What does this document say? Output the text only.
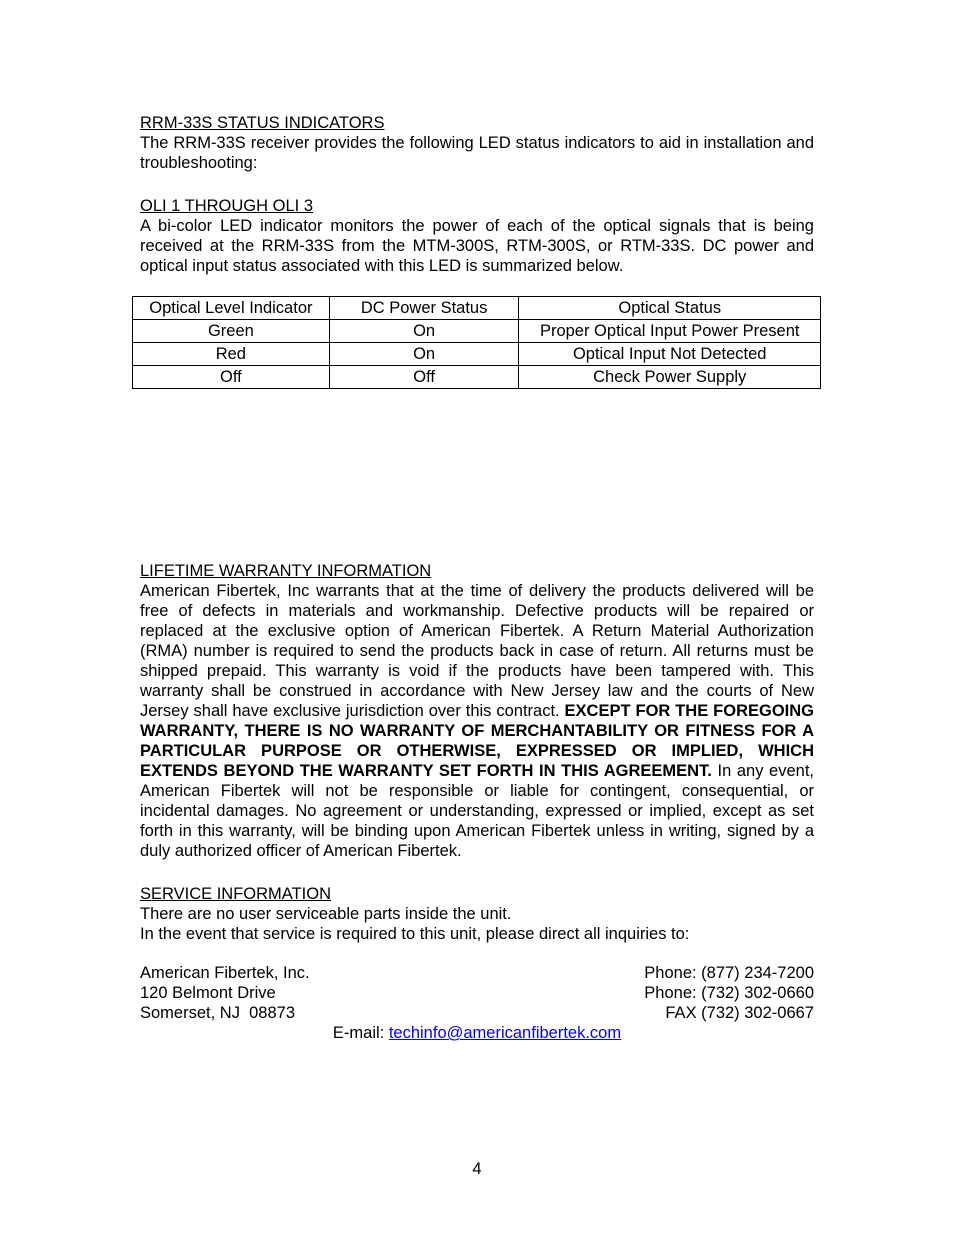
RRM-33S STATUS INDICATORS

The RRM-33S receiver provides the following LED status indicators to aid in installation and troubleshooting:

OLI 1 THROUGH OLI 3

A bi-color LED indicator monitors the power of each of the optical signals that is being received at the RRM-33S from the MTM-300S, RTM-300S, or RTM-33S. DC power and optical input status associated with this LED is summarized below.

Optical Level Indicator	DC Power Status	Optical Status
Green	On	Proper Optical Input Power Present
Red	On	Optical Input Not Detected
Off	Off	Check Power Supply
LIFETIME WARRANTY INFORMATION

American Fibertek, Inc warrants that at the time of delivery the products delivered will be free of defects in materials and workmanship. Defective products will be repaired or replaced at the exclusive option of American Fibertek. A Return Material Authorization (RMA) number is required to send the products back in case of return. All returns must be shipped prepaid. This warranty is void if the products have been tampered with. This warranty shall be construed in accordance with New Jersey law and the courts of New Jersey shall have exclusive jurisdiction over this contract. EXCEPT FOR THE FOREGOING WARRANTY, THERE IS NO WARRANTY OF MERCHANTABILITY OR FITNESS FOR A PARTICULAR PURPOSE OR OTHERWISE, EXPRESSED OR IMPLIED, WHICH EXTENDS BEYOND THE WARRANTY SET FORTH IN THIS AGREEMENT. In any event, American Fibertek will not be responsible or liable for contingent, consequential, or incidental damages. No agreement or understanding, expressed or implied, except as set forth in this warranty, will be binding upon American Fibertek unless in writing, signed by a duly authorized officer of American Fibertek.

SERVICE INFORMATION

There are no user serviceable parts inside the unit.

In the event that service is required to this unit, please direct all inquiries to:

American Fibertek, Inc.	Phone: (877) 234-7200
120 Belmont Drive	Phone: (732) 302-0660
Somerset, NJ  08873	FAX (732) 302-0667
E-mail: techinfo@americanfibertek.com
4
